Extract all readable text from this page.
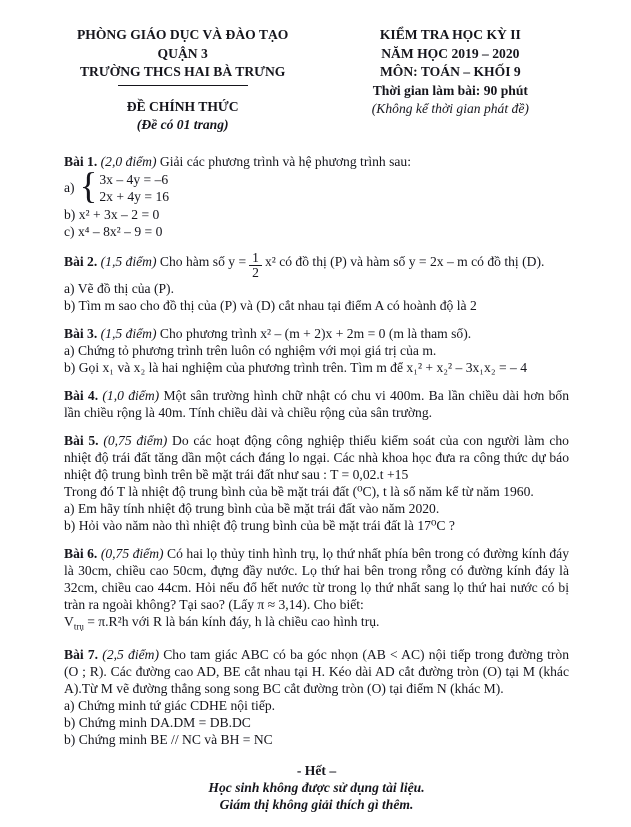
PHÒNG GIÁO DỤC VÀ ĐÀO TẠO QUẬN 3
TRƯỜNG THCS HAI BÀ TRƯNG
ĐỀ CHÍNH THỨC
(Đề có 01 trang)
KIỂM TRA HỌC KỲ II
NĂM HỌC 2019 – 2020
MÔN: TOÁN – KHỐI 9
Thời gian làm bài: 90 phút
(Không kể thời gian phát đề)

Bài 1. (2,0 điểm) Giải các phương trình và hệ phương trình sau:

a) { 3x – 4y = –6
2x + 4y = 16

b) x² + 3x – 2 = 0

c) x⁴ – 8x² – 9 = 0

Bài 2. (1,5 điểm) Cho hàm số $y = \frac{1}{2} x^2$ có đồ thị (P) và hàm số y = 2x – m có đồ thị (D).

a) Vẽ đồ thị của (P).

b) Tìm m sao cho đồ thị của (P) và (D) cắt nhau tại điểm A có hoành độ là 2

Bài 3. (1,5 điểm) Cho phương trình x² – (m + 2)x + 2m = 0 (m là tham số).

a) Chứng tỏ phương trình trên luôn có nghiệm với mọi giá trị của m.

b) Gọi x₁ và x₂ là hai nghiệm của phương trình trên. Tìm m để x₁² + x₂² – 3x₁x₂ = – 4

Bài 4. (1,0 điểm) Một sân trường hình chữ nhật có chu vi 400m. Ba lần chiều dài hơn bốn lần chiều rộng là 40m. Tính chiều dài và chiều rộng của sân trường.

Bài 5. (0,75 điểm) Do các hoạt động công nghiệp thiếu kiểm soát của con người làm cho nhiệt độ trái đất tăng dần một cách đáng lo ngại. Các nhà khoa học đưa ra công thức dự báo nhiệt độ trung bình trên bề mặt trái đất như sau : T = 0,02.t +15

Trong đó T là nhiệt độ trung bình của bề mặt trái đất (⁰C), t là số năm kể từ năm 1960.

a) Em hãy tính nhiệt độ trung bình của bề mặt trái đất vào năm 2020.

b) Hỏi vào năm nào thì nhiệt độ trung bình của bề mặt trái đất là 17⁰C ?

Bài 6. (0,75 điểm) Có hai lọ thủy tinh hình trụ, lọ thứ nhất phía bên trong có đường kính đáy là 30cm, chiều cao 50cm, đựng đầy nước. Lọ thứ hai bên trong rỗng có đường kính đáy là 32cm, chiều cao 44cm. Hỏi nếu đổ hết nước từ trong lọ thứ nhất sang lọ thứ hai nước có bị tràn ra ngoài không? Tại sao? (Lấy π ≈ 3,14). Cho biết:

$V_{trụ} = \pi.R^2h$ với R là bán kính đáy, h là chiều cao hình trụ.

Bài 7. (2,5 điểm) Cho tam giác ABC có ba góc nhọn (AB < AC) nội tiếp trong đường tròn (O ; R). Các đường cao AD, BE cắt nhau tại H. Kéo dài AD cắt đường tròn (O) tại M (khác A).Từ M vẽ đường thẳng song song BC cắt đường tròn (O) tại điểm N (khác M).

a) Chứng minh tứ giác CDHE nội tiếp.

b) Chứng minh DA.DM = DB.DC

b) Chứng minh BE // NC và BH = NC

- Hết –

Học sinh không được sử dụng tài liệu.

Giám thị không giải thích gì thêm.
